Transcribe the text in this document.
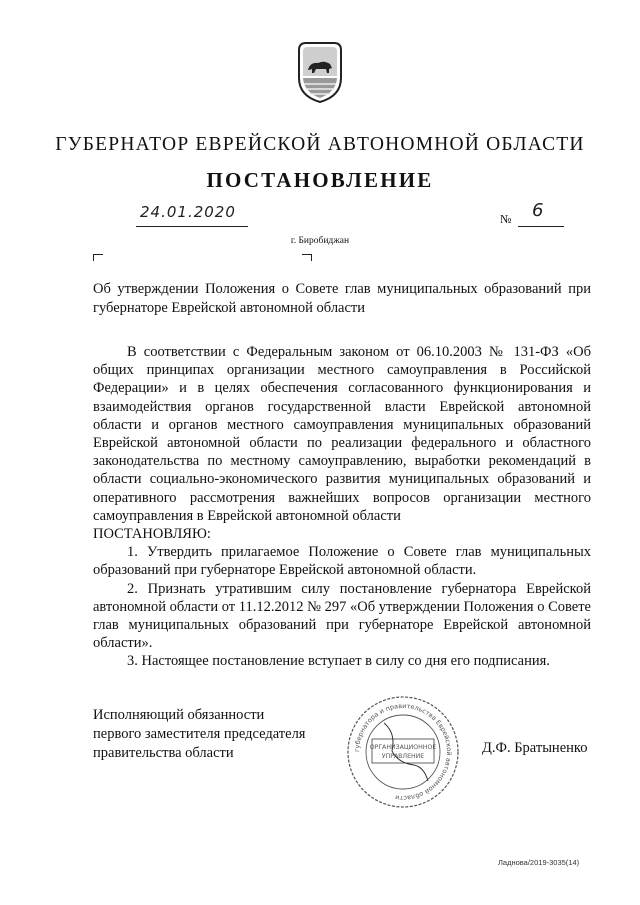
ГУБЕРНАТОР ЕВРЕЙСКОЙ АВТОНОМНОЙ ОБЛАСТИ
ПОСТАНОВЛЕНИЕ
24.01.2020	№ 6
г. Биробиджан
Об утверждении Положения о Совете глав муниципальных образований при губернаторе Еврейской автономной области

В соответствии с Федеральным законом от 06.10.2003 № 131-ФЗ «Об общих принципах организации местного самоуправления в Российской Федерации» и в целях обеспечения согласованного функционирования и взаимодействия органов государственной власти Еврейской автономной области и органов местного самоуправления муниципальных образований Еврейской автономной области по реализации федерального и областного законодательства по местному самоуправлению, выработки рекомендаций в области социально-экономического развития муниципальных образований и оперативного рассмотрения важнейших вопросов организации местного самоуправления в Еврейской автономной области

ПОСТАНОВЛЯЮ:

1. Утвердить прилагаемое Положение о Совете глав муниципальных образований при губернаторе Еврейской автономной области.

2. Признать утратившим силу постановление губернатора Еврейской автономной области от 11.12.2012 № 297 «Об утверждении Положения о Совете глав муниципальных образований при губернаторе Еврейской автономной области».

3. Настоящее постановление вступает в силу со дня его подписания.

Исполняющий обязанности
первого заместителя председателя
правительства области	губернатора и правительства Еврейской автономной области
ОРГАНИЗАЦИОННОЕ
УПРАВЛЕНИЕ
Д.Ф. Братыненко
Ладнова/2019-3035(14)
